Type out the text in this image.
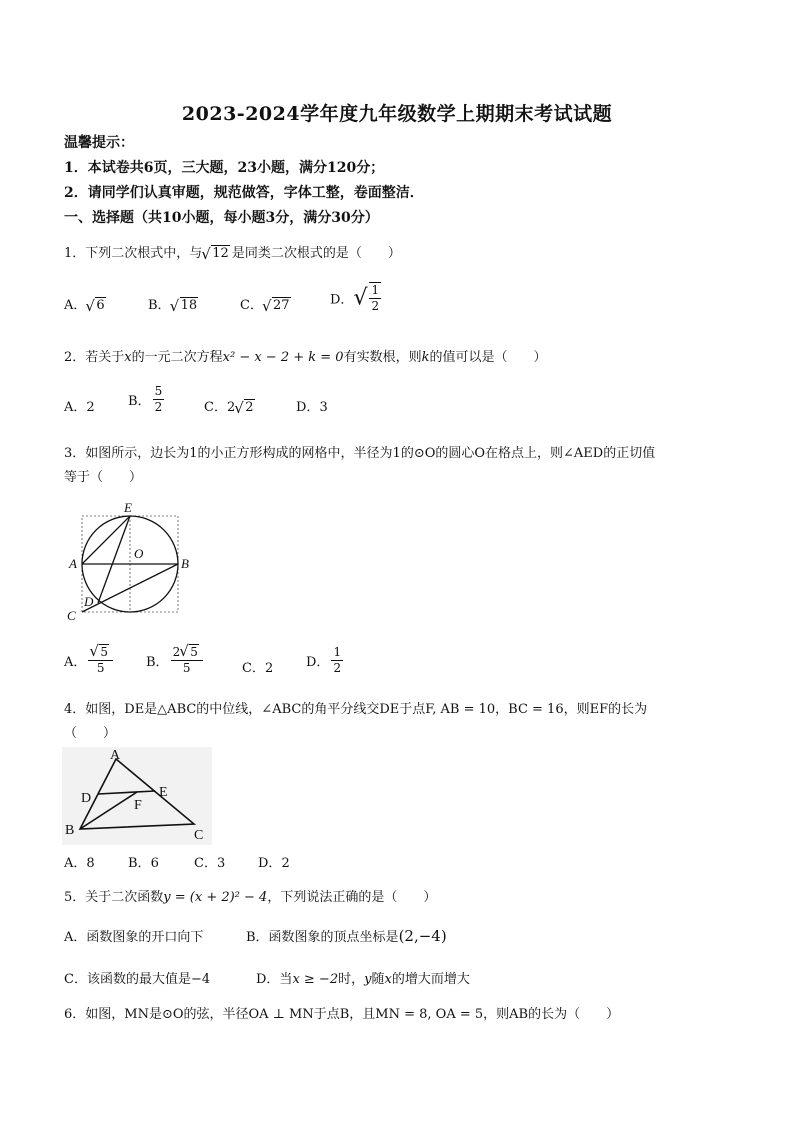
2023-2024学年度九年级数学上期期末考试试题
温馨提示：
1．本试卷共6页，三大题，23小题，满分120分；
2．请同学们认真审题，规范做答，字体工整，卷面整洁．
一、选择题（共10小题，每小题3分，满分30分）
1．下列二次根式中，与 √ 12 是同类二次根式的是（　　）
A． √ 6	B． √ 18	C． √ 27	D．√ $\frac{1}{2}$
2．若关于x的一元二次方程x² − x − 2 + k = 0有实数根，则k的值可以是（　　）
A．2	B． $\frac{5}{2}$	C．2 √ 2	D．3
3．如图所示，边长为1的小正方形构成的网格中，半径为1的⊙O的圆心O在格点上，则∠AED的正切值
等于（　　）
E
O
A	B
C
D
A． √ $\frac{5}{5}$	B． $\frac{2 √ 5}{5}$	C．2	D． $\frac{1}{2}$
4．如图，DE是△ABC的中位线，∠ABC的角平分线交DE于点F, AB = 10，BC = 16，则EF的长为
（　　）
A
D	E
F
B	C
A．8	B．6	C．3	D．2
5．关于二次函数y = (x + 2)² − 4，下列说法正确的是（　　）
A．函数图象的开口向下	B．函数图象的顶点坐标是(2,−4)
C．该函数的最大值是−4	D．当x ≥ −2时，y随x的增大而增大
6．如图，MN是⊙O的弦，半径OA ⊥ MN于点B，且MN = 8, OA = 5，则AB的长为（　　）
